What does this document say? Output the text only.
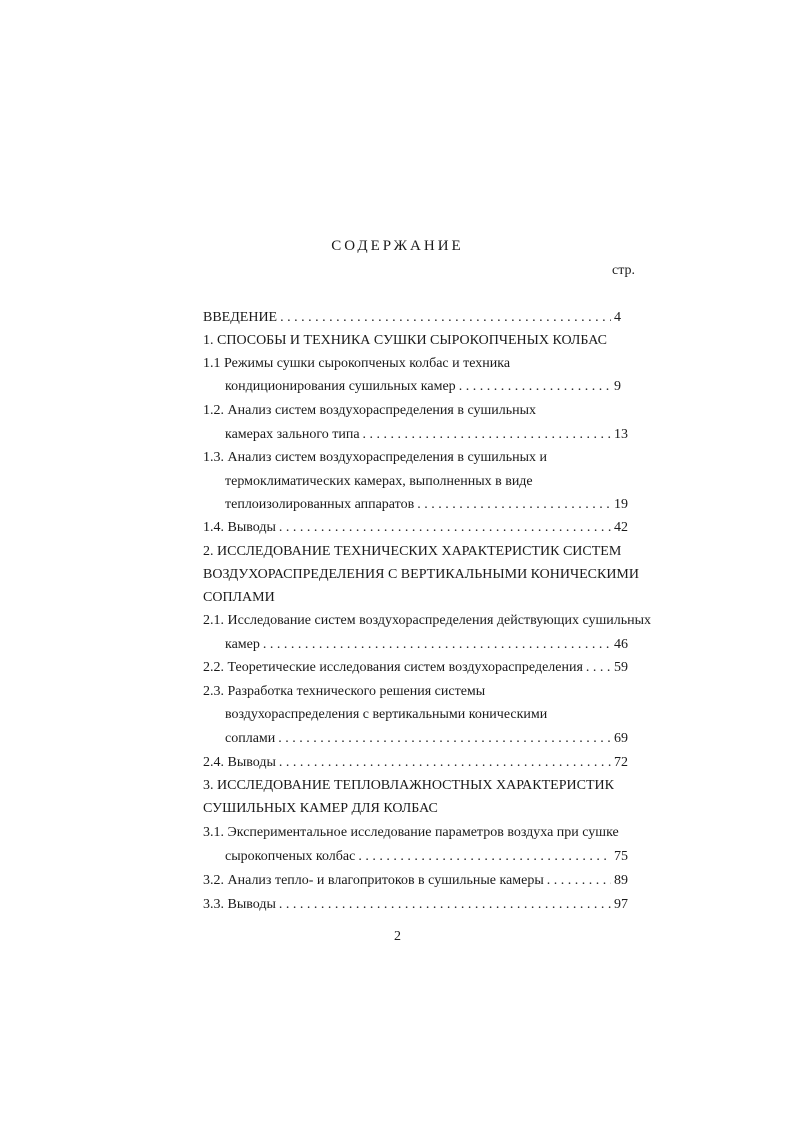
СОДЕРЖАНИЕ
стр.
ВВЕДЕНИЕ . . .	4
1. СПОСОБЫ И ТЕХНИКА СУШКИ СЫРОКОПЧЕНЫХ КОЛБАС
1.1 Режимы сушки сырокопченых колбас и техника
кондиционирования сушильных камер . . .	9
1.2. Анализ систем воздухораспределения в сушильных
камерах зального типа . . .	13
1.3. Анализ систем воздухораспределения в сушильных и
термоклиматических камерах, выполненных в виде
теплоизолированных аппаратов . . .	19
1.4. Выводы . . .	42
2. ИССЛЕДОВАНИЕ ТЕХНИЧЕСКИХ ХАРАКТЕРИСТИК СИСТЕМ
ВОЗДУХОРАСПРЕДЕЛЕНИЯ С ВЕРТИКАЛЬНЫМИ КОНИЧЕСКИМИ
СОПЛАМИ
2.1. Исследование систем воздухораспределения действующих сушильных
камер . . .	46
2.2. Теоретические исследования систем воздухораспределения . . . 59
2.3. Разработка технического решения системы
воздухораспределения с вертикальными коническими
соплами . . .	69
2.4. Выводы . . .	72
3. ИССЛЕДОВАНИЕ ТЕПЛОВЛАЖНОСТНЫХ ХАРАКТЕРИСТИК
СУШИЛЬНЫХ КАМЕР ДЛЯ КОЛБАС
3.1. Экспериментальное исследование параметров воздуха при сушке
сырокопченых колбас . . .	75
3.2. Анализ тепло- и влагопритоков в сушильные камеры . . .	89
3.3. Выводы . . .	97
2
